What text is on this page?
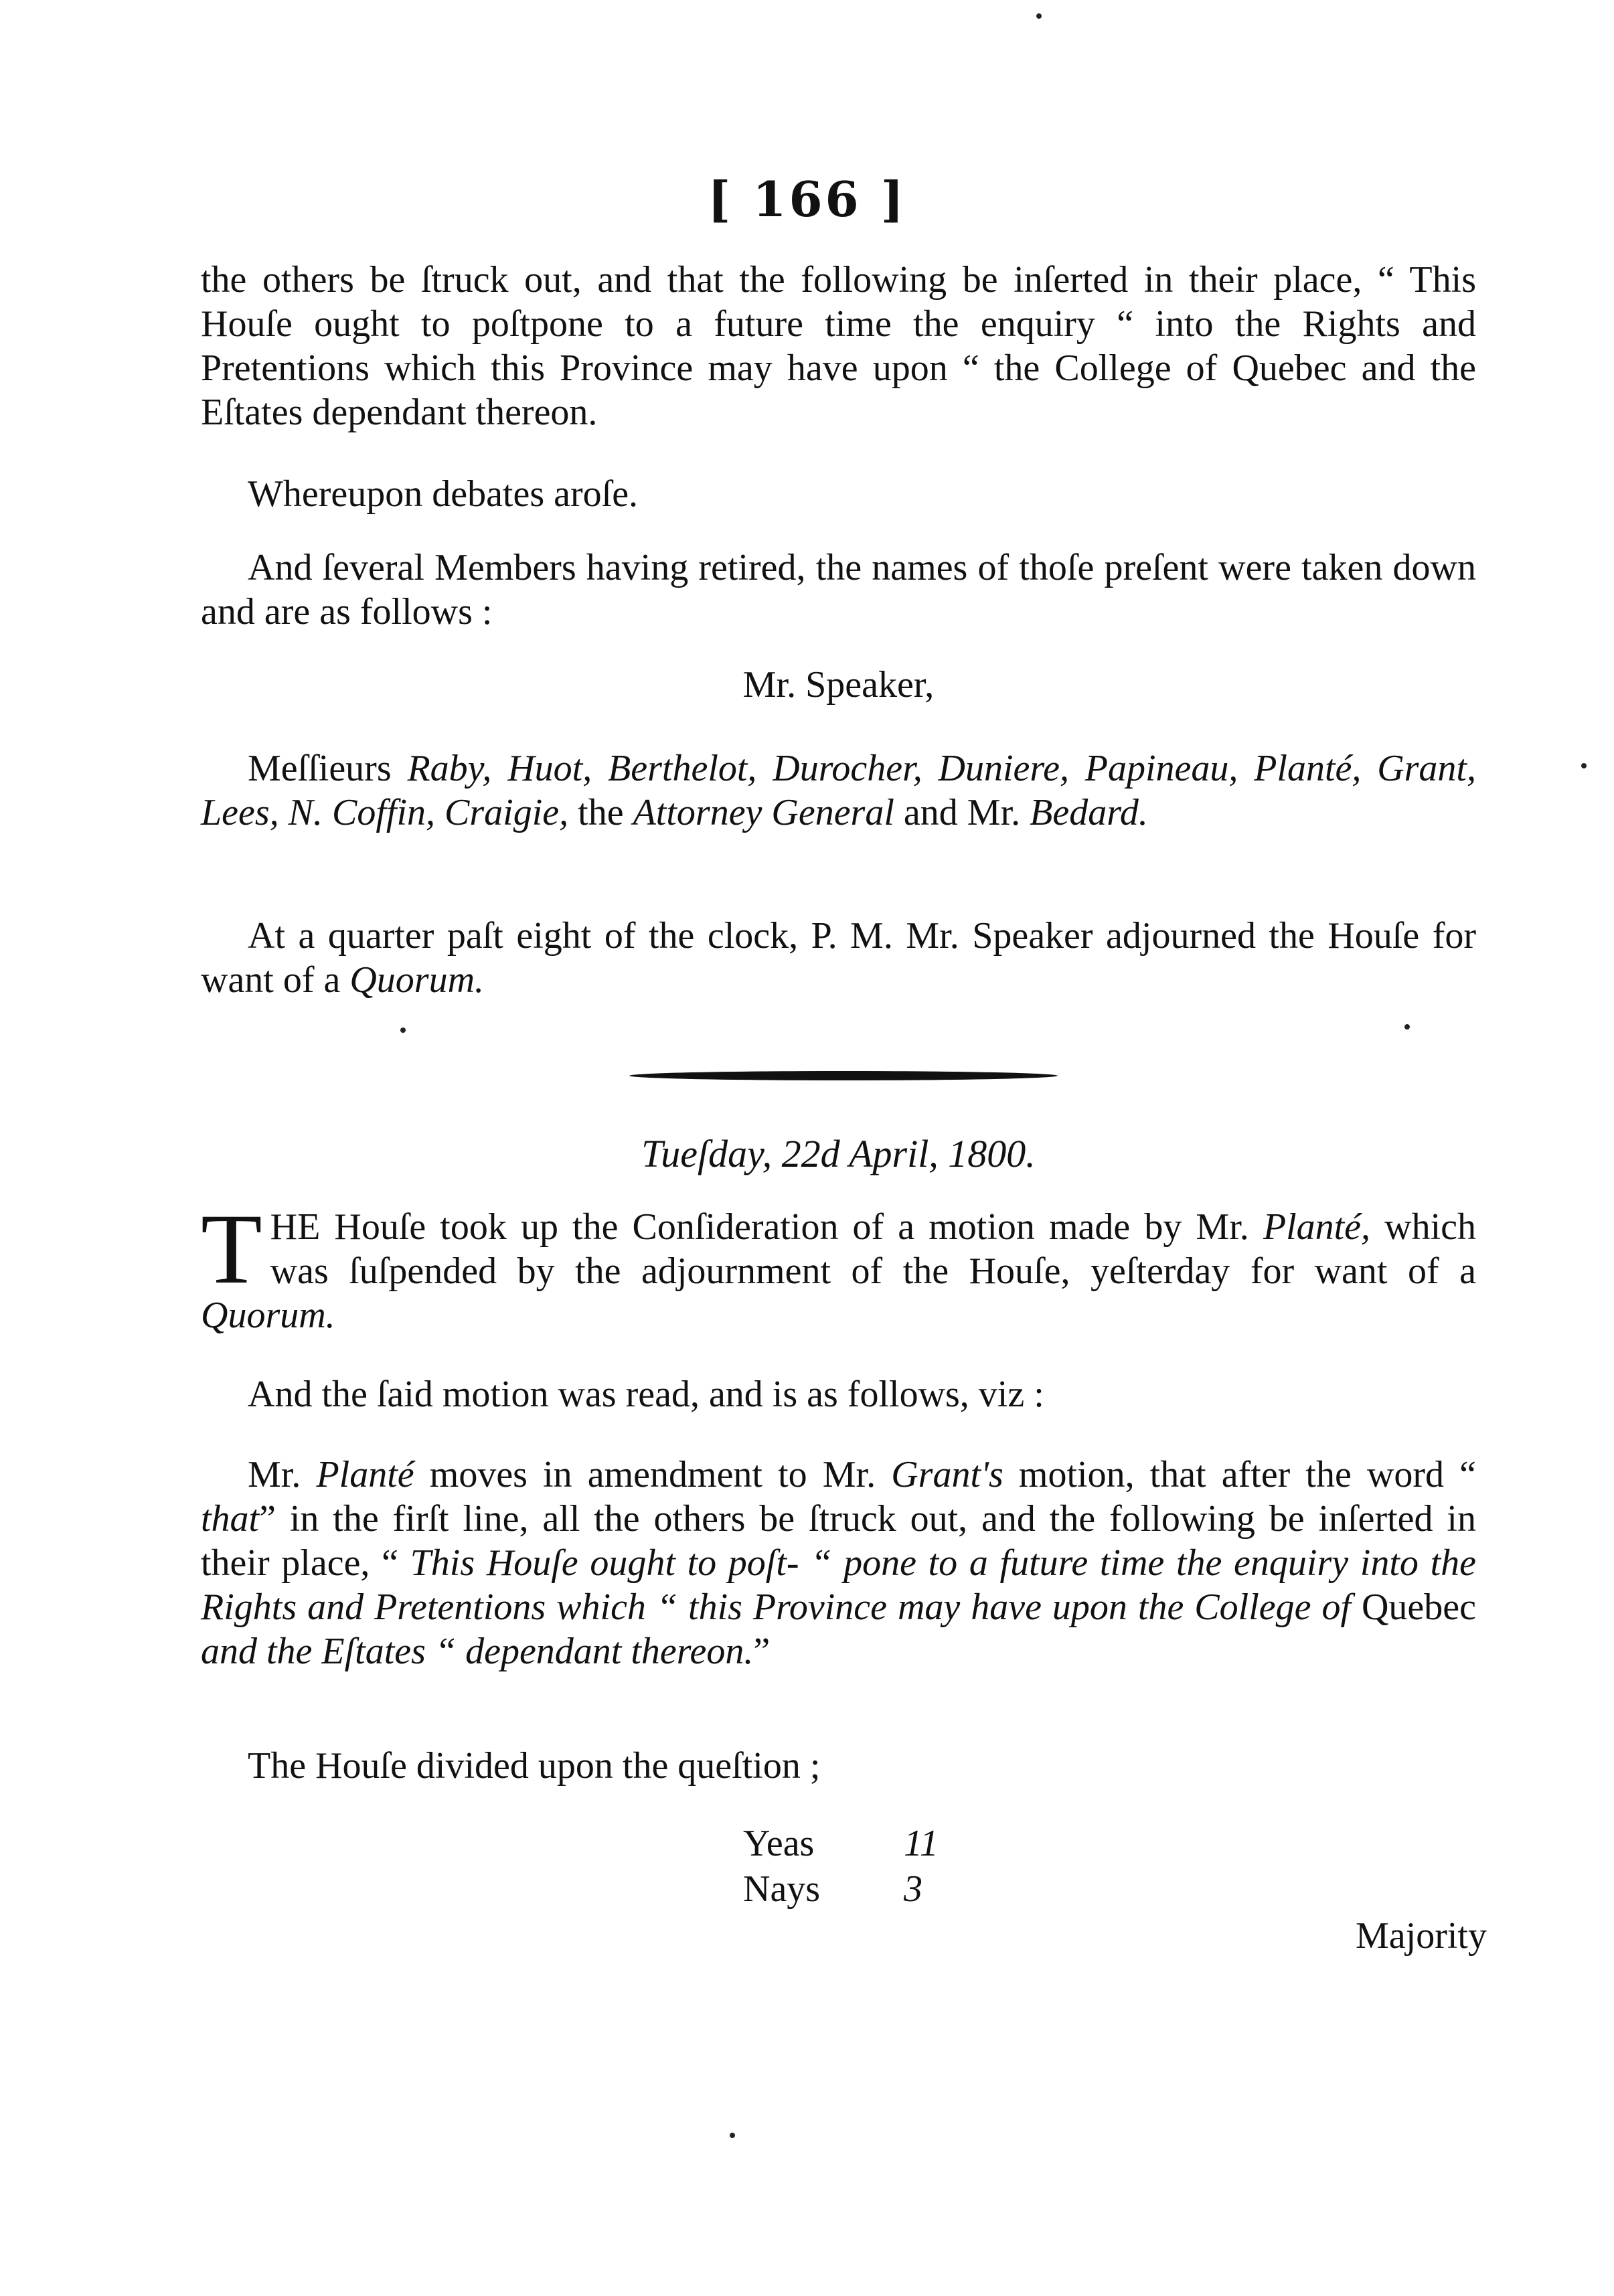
[ 166 ]
the others be ſtruck out, and that the following be inſerted in their place, “ This Houſe ought to poſtpone to a future time the enquiry “ into the Rights and Pretentions which this Province may have upon “ the College of Quebec and the Eſtates dependant thereon.
Whereupon debates aroſe.
And ſeveral Members having retired, the names of thoſe preſent were taken down and are as follows :
Mr. Speaker,
Meſſieurs Raby, Huot, Berthelot, Durocher, Duniere, Papineau, Planté, Grant, Lees, N. Coffin, Craigie, the Attorney General and Mr. Bedard.
At a quarter paſt eight of the clock, P. M. Mr. Speaker adjourned the Houſe for want of a Quorum.
Tueſday, 22d April, 1800.
THE Houſe took up the Conſideration of a motion made by Mr. Planté, which was ſuſpended by the adjournment of the Houſe, yeſterday for want of a Quorum.
And the ſaid motion was read, and is as follows, viz :
Mr. Planté moves in amendment to Mr. Grant's motion, that after the word “ that” in the firſt line, all the others be ſtruck out, and the following be inſerted in their place, “ This Houſe ought to poſt- “ pone to a future time the enquiry into the Rights and Pretentions which “ this Province may have upon the College of Quebec and the Eſtates “ dependant thereon.”
The Houſe divided upon the queſtion ;
Yeas	11
Nays	3
Majority
